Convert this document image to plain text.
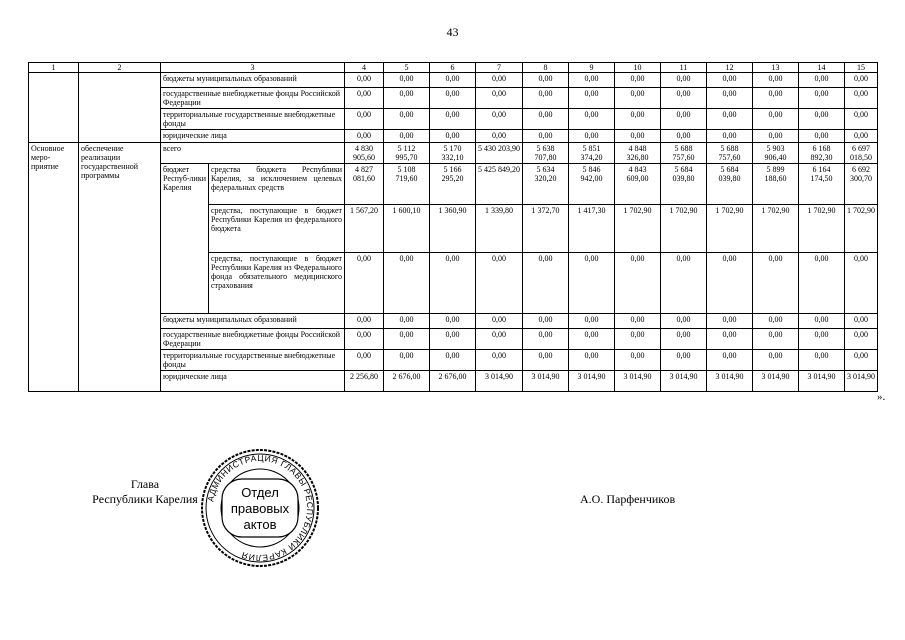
43
1	2	3		4	5	6	7	8	9	10	11	12	13	14	15
		бюджеты муниципальных образований		0,00	0,00	0,00	0,00	0,00	0,00	0,00	0,00	0,00	0,00	0,00	0,00
		государственные внебюджетные фонды Российской Федерации		0,00	0,00	0,00	0,00	0,00	0,00	0,00	0,00	0,00	0,00	0,00	0,00
		территориальные государственные внебюджетные фонды		0,00	0,00	0,00	0,00	0,00	0,00	0,00	0,00	0,00	0,00	0,00	0,00
		юридические лица		0,00	0,00	0,00	0,00	0,00	0,00	0,00	0,00	0,00	0,00	0,00	0,00
Основное меро-приятие	обеспечение реализации государственной программы	всего		4 830 905,60	5 112 995,70	5 170 332,10	5 430 203,90	5 638 707,80	5 851 374,20	4 848 326,80	5 688 757,60	5 688 757,60	5 903 906,40	6 168 892,30	6 697 018,50
		бюджет Респуб-лики Карелия	средства бюджета Республики Карелия, за исключением целевых федеральных средств	4 827 081,60	5 108 719,60	5 166 295,20	5 425 849,20	5 634 320,20	5 846 942,00	4 843 609,00	5 684 039,80	5 684 039,80	5 899 188,60	6 164 174,50	6 692 300,70
			средства, поступающие в бюджет Республики Карелия из федерального бюджета	1 567,20	1 600,10	1 360,90	1 339,80	1 372,70	1 417,30	1 702,90	1 702,90	1 702,90	1 702,90	1 702,90	1 702,90
			средства, поступающие в бюджет Республики Карелия из Федерального фонда обязательного медицинского страхования	0,00	0,00	0,00	0,00	0,00	0,00	0,00	0,00	0,00	0,00	0,00	0,00
		бюджеты муниципальных образований		0,00	0,00	0,00	0,00	0,00	0,00	0,00	0,00	0,00	0,00	0,00	0,00
		государственные внебюджетные фонды Российской Федерации		0,00	0,00	0,00	0,00	0,00	0,00	0,00	0,00	0,00	0,00	0,00	0,00
		территориальные государственные внебюджетные фонды		0,00	0,00	0,00	0,00	0,00	0,00	0,00	0,00	0,00	0,00	0,00	0,00
		юридические лица		2 256,80	2 676,00	2 676,00	3 014,90	3 014,90	3 014,90	3 014,90	3 014,90	3 014,90	3 014,90	3 014,90	3 014,90
».
Глава
Республики Карелия	А.О. Парфенчиков
АДМИНИСТРАЦИЯ ГЛАВЫ РЕСПУБЛИКИ КАРЕЛИЯ
Отдел
правовых
актов
